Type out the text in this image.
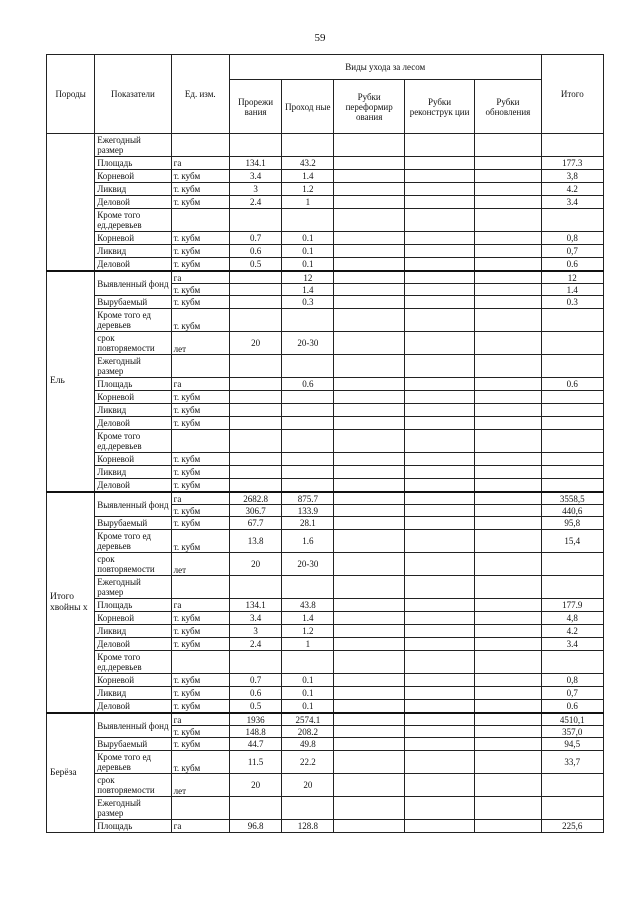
59
Породы	Показатели	Ед. изм.	Виды ухода за лесом					Итого
			Прорежи вания	Проход ные	Рубки переформир ования	Рубки реконструк ции	Рубки обновления	
	Ежегодный размер							
	Площадь	га	134.1	43.2				177.3
	Корневой	т. кубм	3.4	1.4				3,8
	Ликвид	т. кубм	3	1.2				4.2
	Деловой	т. кубм	2.4	1				3.4
	Кроме того ед.деревьев							
	Корневой	т. кубм	0.7	0.1				0,8
	Ликвид	т. кубм	0.6	0.1				0,7
	Деловой	т. кубм	0.5	0.1				0.6
Ель	Выявленный фонд	га		12				12
		т. кубм		1.4				1.4
	Вырубаемый	т. кубм		0.3				0.3
	Кроме того ед деревьев	т. кубм						
	срок повторяемости	лет	20	20-30				
	Ежегодный размер							
	Площадь	га		0.6				0.6
	Корневой	т. кубм						
	Ликвид	т. кубм						
	Деловой	т. кубм						
	Кроме того ед.деревьев							
	Корневой	т. кубм						
	Ликвид	т. кубм						
	Деловой	т. кубм						
Итого хвойны х	Выявленный фонд	га	2682.8	875.7				3558,5
		т. кубм	306.7	133.9				440,6
	Вырубаемый	т. кубм	67.7	28.1				95,8
	Кроме того ед деревьев	т. кубм	13.8	1.6				15,4
	срок повторяемости	лет	20	20-30				
	Ежегодный размер							
	Площадь	га	134.1	43.8				177.9
	Корневой	т. кубм	3.4	1.4				4,8
	Ликвид	т. кубм	3	1.2				4.2
	Деловой	т. кубм	2.4	1				3.4
	Кроме того ед.деревьев							
	Корневой	т. кубм	0.7	0.1				0,8
	Ликвид	т. кубм	0.6	0.1				0,7
	Деловой	т. кубм	0.5	0.1				0.6
Берёза	Выявленный фонд	га	1936	2574.1				4510,1
		т. кубм	148.8	208.2				357,0
	Вырубаемый	т. кубм	44.7	49.8				94,5
	Кроме того ед деревьев	т. кубм	11.5	22.2				33,7
	срок повторяемости	лет	20	20				
	Ежегодный размер							
	Площадь	га	96.8	128.8				225,6
